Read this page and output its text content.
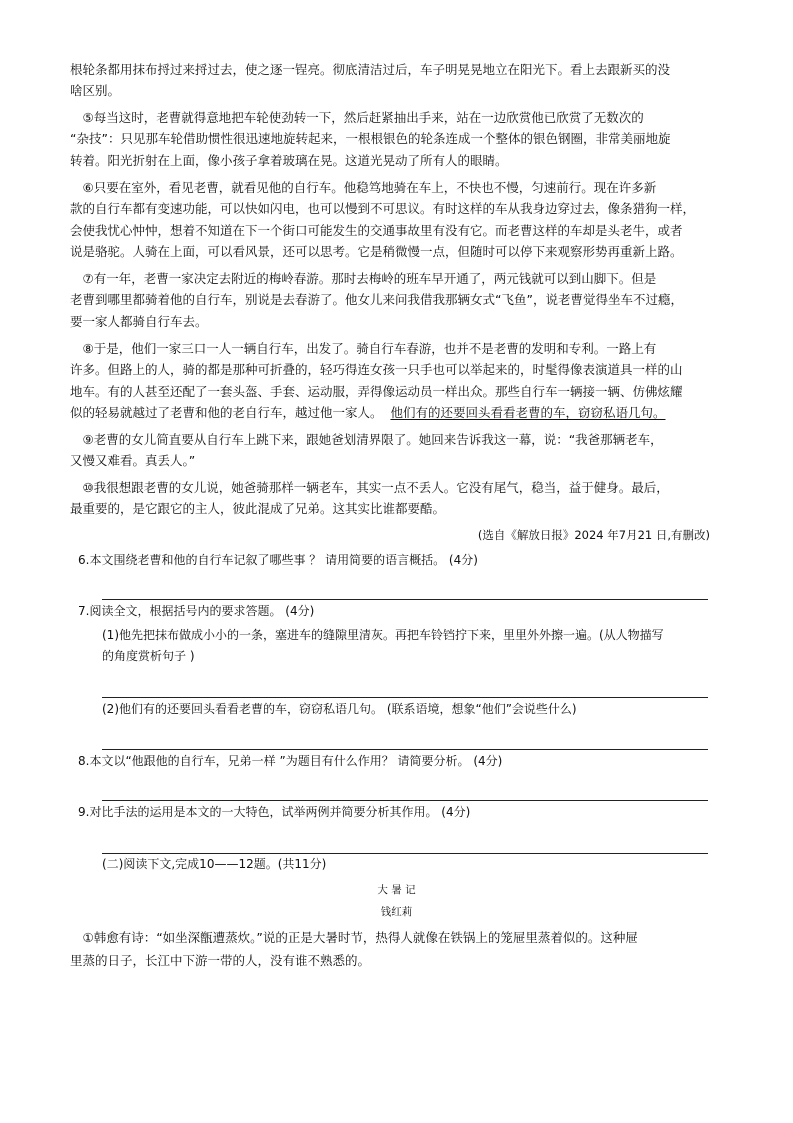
根轮条都用抹布捋过来捋过去，使之逐一锃亮。彻底清洁过后，车子明晃晃地立在阳光下。看上去跟新买的没
啥区别。
　⑤每当这时，老曹就得意地把车轮使劲转一下，然后赶紧抽出手来，站在一边欣赏他已欣赏了无数次的
“杂技”：只见那车轮借助惯性很迅速地旋转起来，一根根银色的轮条连成一个整体的银色钢圈，非常美丽地旋
转着。阳光折射在上面，像小孩子拿着玻璃在晃。这道光晃动了所有人的眼睛。
　⑥只要在室外，看见老曹，就看见他的自行车。他稳笃地骑在车上，不快也不慢，匀速前行。现在许多新
款的自行车都有变速功能，可以快如闪电，也可以慢到不可思议。有时这样的车从我身边穿过去，像条猎狗一样，
会使我忧心忡忡，想着不知道在下一个街口可能发生的交通事故里有没有它。而老曹这样的车却是头老牛，或者
说是骆驼。人骑在上面，可以看风景，还可以思考。它是稍微慢一点，但随时可以停下来观察形势再重新上路。
　⑦有一年，老曹一家决定去附近的梅岭春游。那时去梅岭的班车早开通了，两元钱就可以到山脚下。但是
老曹到哪里都骑着他的自行车，别说是去春游了。他女儿来问我借我那辆女式“飞鱼”，说老曹觉得坐车不过瘾，
要一家人都骑自行车去。
　⑧于是，他们一家三口一人一辆自行车，出发了。骑自行车春游，也并不是老曹的发明和专利。一路上有
许多。但路上的人，骑的都是那种可折叠的，轻巧得连女孩一只手也可以举起来的，时髦得像表演道具一样的山
地车。有的人甚至还配了一套头盔、手套、运动服，弄得像运动员一样出众。那些自行车一辆接一辆、仿佛炫耀
似的轻易就越过了老曹和他的老自行车，越过他一家人。 他们有的还要回头看看老曹的车，窃窃私语几句。
　⑨老曹的女儿简直要从自行车上跳下来，跟她爸划清界限了。她回来告诉我这一幕，说：“我爸那辆老车，
又慢又难看。真丢人。”
　⑩我很想跟老曹的女儿说，她爸骑那样一辆老车，其实一点不丢人。它没有尾气，稳当，益于健身。最后，
最重要的，是它跟它的主人，彼此混成了兄弟。这其实比谁都要酷。
(选自《解放日报》2024 年7月21 日,有删改)
6.本文围绕老曹和他的自行车记叙了哪些事 ？ 请用简要的语言概括。 (4分)
7.阅读全文，根据括号内的要求答题。 (4分)
(1)他先把抹布做成小小的一条，塞进车的缝隙里清灰。再把车铃铛拧下来，里里外外擦一遍。(从人物描写
的角度赏析句子 )
(2)他们有的还要回头看看老曹的车，窃窃私语几句。 (联系语境，想象“他们”会说些什么)
8.本文以“他跟他的自行车，兄弟一样 ”为题目有什么作用？ 请简要分析。 (4分)
9.对比手法的运用是本文的一大特色，试举两例并简要分析其作用。 (4分)
(二)阅读下文,完成10——12题。(共11分)
大 暑 记
钱红莉
　①韩愈有诗：“如坐深甑遭蒸炊。”说的正是大暑时节，热得人就像在铁锅上的笼屉里蒸着似的。这种屉
里蒸的日子，长江中下游一带的人，没有谁不熟悉的。
